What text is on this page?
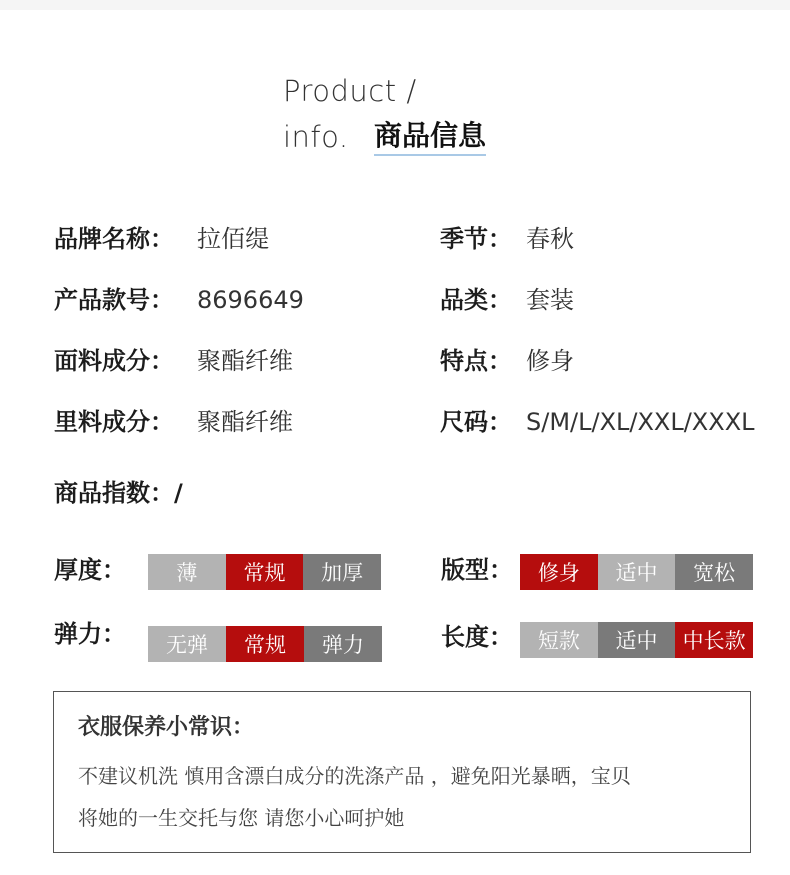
Product /
info. 商品信息
品牌名称： 拉佰缇	季节： 春秋
产品款号： 8696649	品类： 套装
面料成分： 聚酯纤维	特点： 修身
里料成分： 聚酯纤维	尺码： S/M/L/XL/XXL/XXXL
商品指数：/
厚度：	薄	常规	加厚	版型：	修身	适中	宽松
弹力：	无弹	常规	弹力	长度：	短款	适中	中长款
衣服保养小常识：
不建议机洗 慎用含漂白成分的洗涤产品 ，避免阳光暴晒，宝贝
将她的一生交托与您 请您小心呵护她
